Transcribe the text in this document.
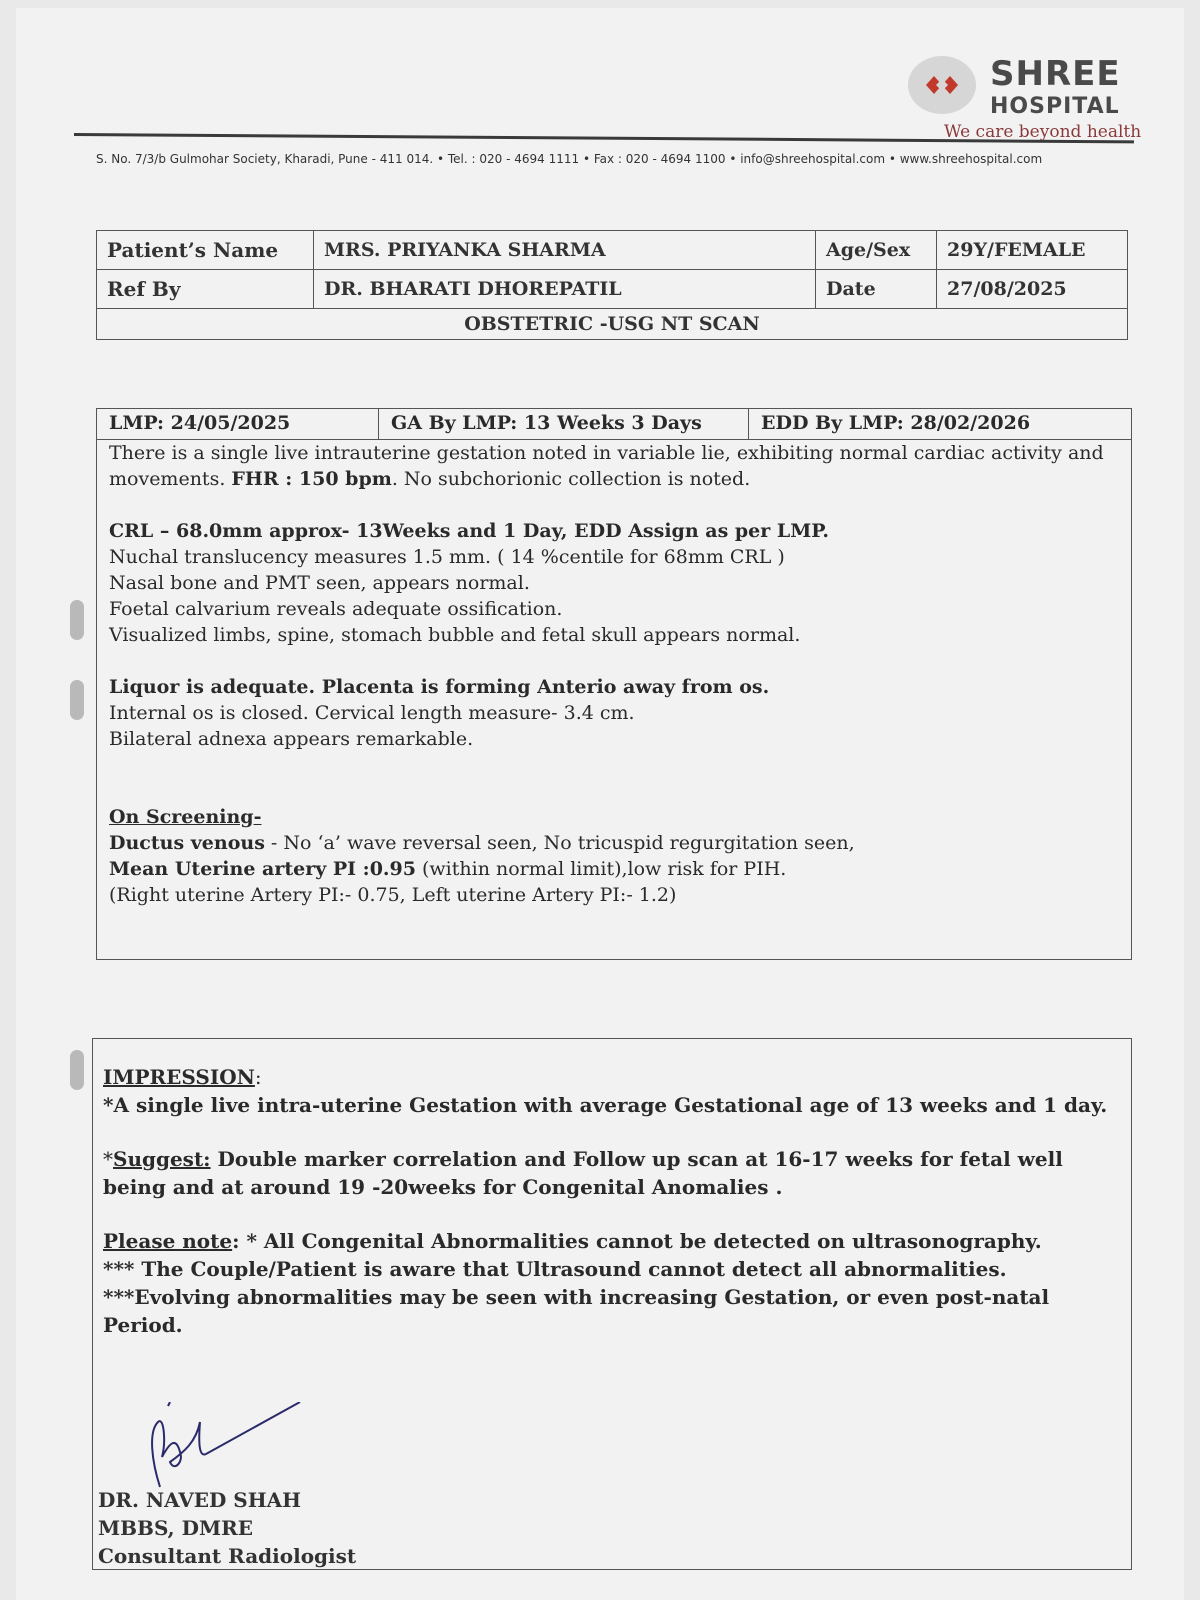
SHREE
HOSPITAL
We care beyond health
S. No. 7/3/b Gulmohar Society, Kharadi, Pune - 411 014. • Tel. : 020 - 4694 1111 • Fax : 020 - 4694 1100 • info@shreehospital.com • www.shreehospital.com
Patient’s Name	MRS. PRIYANKA SHARMA	Age/Sex	29Y/FEMALE
Ref By	DR. BHARATI DHOREPATIL	Date	27/08/2025
OBSTETRIC -USG NT SCAN			
LMP: 24/05/2025	GA By LMP: 13 Weeks 3 Days	EDD By LMP: 28/02/2026

There is a single live intrauterine gestation noted in variable lie, exhibiting normal cardiac activity and movements. FHR : 150 bpm. No subchorionic collection is noted.

CRL – 68.0mm approx- 13Weeks and 1 Day, EDD Assign as per LMP.

Nuchal translucency measures 1.5 mm. ( 14 %centile for 68mm CRL )

Nasal bone and PMT seen, appears normal.

Foetal calvarium reveals adequate ossification.

Visualized limbs, spine, stomach bubble and fetal skull appears normal.

Liquor is adequate. Placenta is forming Anterio away from os.

Internal os is closed. Cervical length measure- 3.4 cm.

Bilateral adnexa appears remarkable.

On Screening-

Ductus venous - No ‘a’ wave reversal seen, No tricuspid regurgitation seen,

Mean Uterine artery PI :0.95 (within normal limit),low risk for PIH.

(Right uterine Artery PI:- 0.75, Left uterine Artery PI:- 1.2)

IMPRESSION:

*A single live intra-uterine Gestation with average Gestational age of 13 weeks and 1 day.

*Suggest: Double marker correlation and Follow up scan at 16-17 weeks for fetal well being and at around 19 -20weeks for Congenital Anomalies .

Please note: * All Congenital Abnormalities cannot be detected on ultrasonography.

*** The Couple/Patient is aware that Ultrasound cannot detect all abnormalities.

***Evolving abnormalities may be seen with increasing Gestation, or even post-natal Period.

DR. NAVED SHAH
MBBS, DMRE
Consultant Radiologist
